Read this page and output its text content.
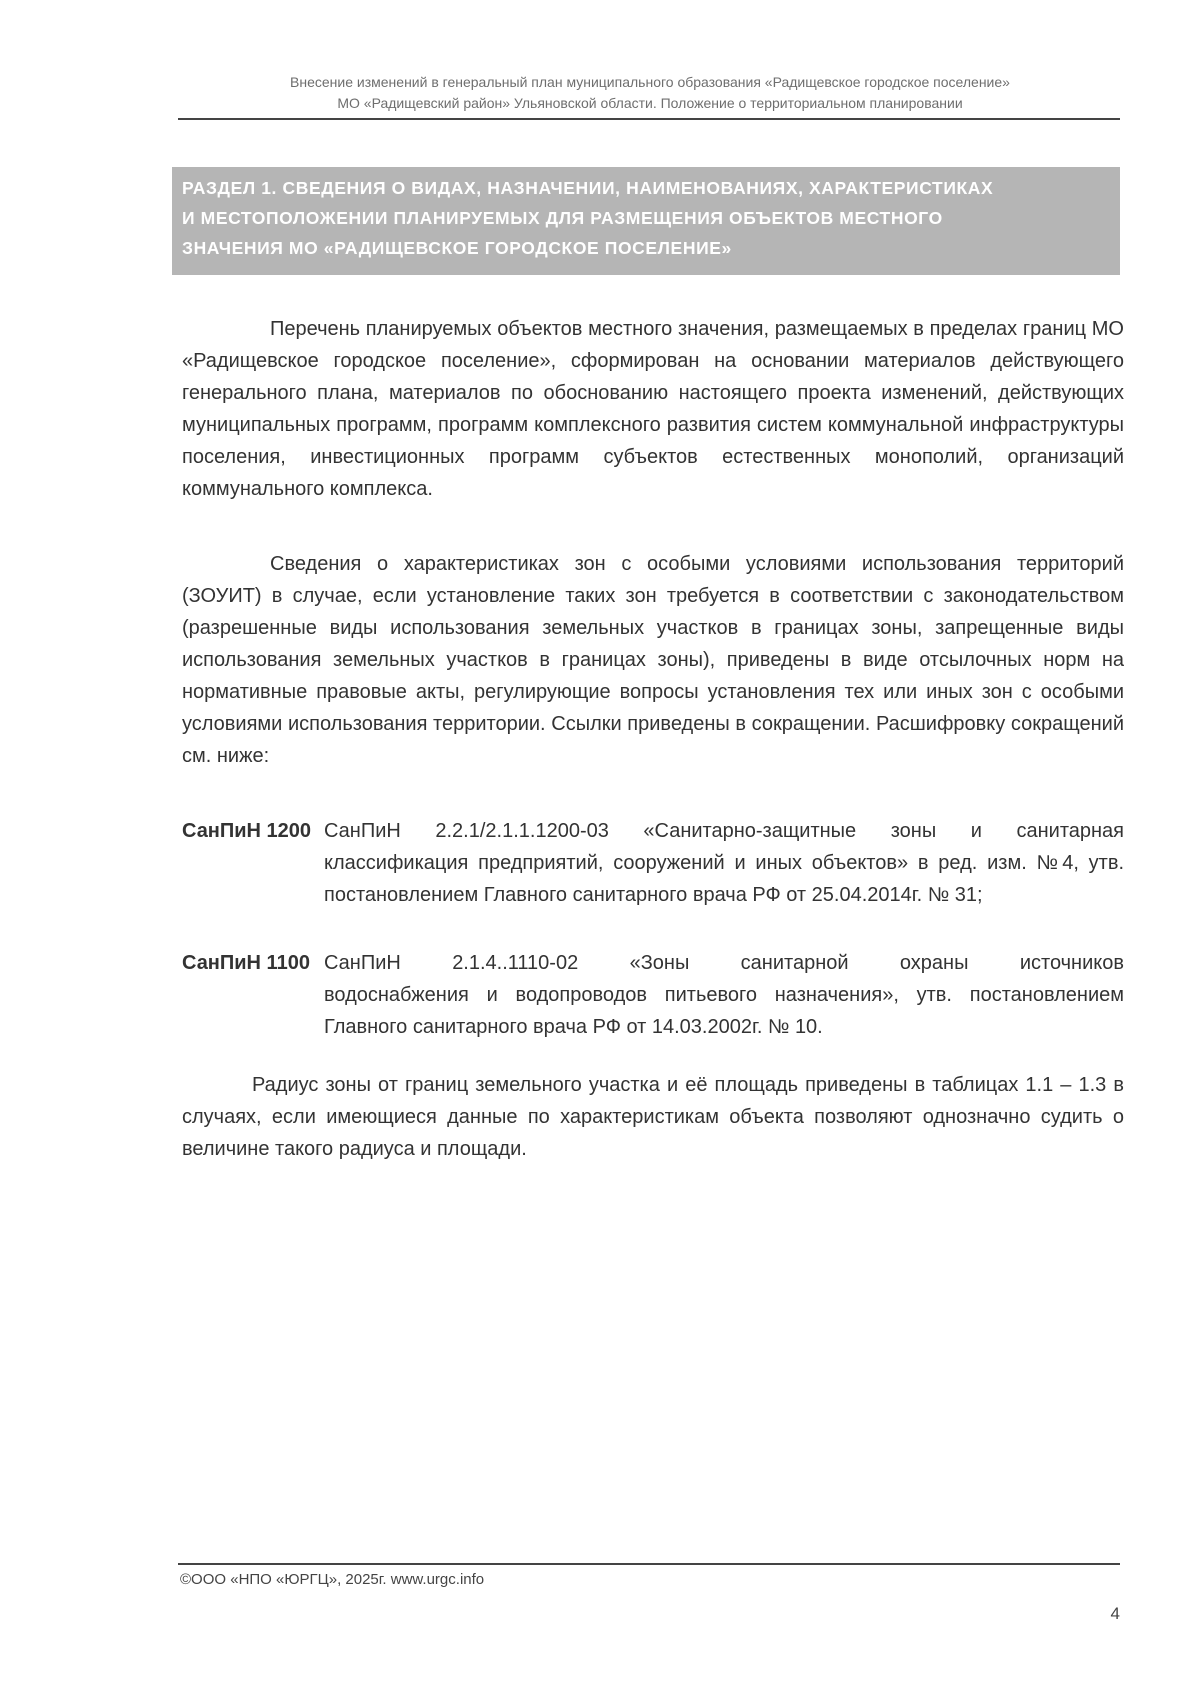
Внесение изменений в генеральный план муниципального образования «Радищевское городское поселение»
МО «Радищевский район» Ульяновской области. Положение о территориальном планировании
РАЗДЕЛ 1. СВЕДЕНИЯ О ВИДАХ, НАЗНАЧЕНИИ, НАИМЕНОВАНИЯХ, ХАРАКТЕРИСТИКАХ
И МЕСТОПОЛОЖЕНИИ ПЛАНИРУЕМЫХ ДЛЯ РАЗМЕЩЕНИЯ ОБЪЕКТОВ МЕСТНОГО
ЗНАЧЕНИЯ МО «РАДИЩЕВСКОЕ ГОРОДСКОЕ ПОСЕЛЕНИЕ»
Перечень планируемых объектов местного значения, размещаемых в пределах границ МО «Радищевское городское поселение», сформирован на основании материалов действующего генерального плана, материалов по обоснованию настоящего проекта изменений, действующих муниципальных программ, программ комплексного развития систем коммунальной инфраструктуры поселения, инвестиционных программ субъектов естественных монополий, организаций коммунального комплекса.
Сведения о характеристиках зон с особыми условиями использования территорий (ЗОУИТ) в случае, если установление таких зон требуется в соответствии с законодательством (разрешенные виды использования земельных участков в границах зоны, запрещенные виды использования земельных участков в границах зоны), приведены в виде отсылочных норм на нормативные правовые акты, регулирующие вопросы установления тех или иных зон с особыми условиями использования территории. Ссылки приведены в сокращении. Расшифровку сокращений см. ниже:
СанПиН 1200 СанПиН 2.2.1/2.1.1.1200-03 «Санитарно-защитные зоны и санитарная
классификация предприятий, сооружений и иных объектов» в ред. изм. №4, утв. постановлением Главного санитарного врача РФ от 25.04.2014г. № 31;
СанПиН 1100 СанПиН 2.1.4..1110-02 «Зоны санитарной охраны источников
водоснабжения и водопроводов питьевого назначения», утв. постановлением Главного санитарного врача РФ от 14.03.2002г. № 10.
Радиус зоны от границ земельного участка и её площадь приведены в таблицах 1.1 – 1.3 в случаях, если имеющиеся данные по характеристикам объекта позволяют однозначно судить о величине такого радиуса и площади.
©ООО «НПО «ЮРГЦ», 2025г. www.urgc.info
4
